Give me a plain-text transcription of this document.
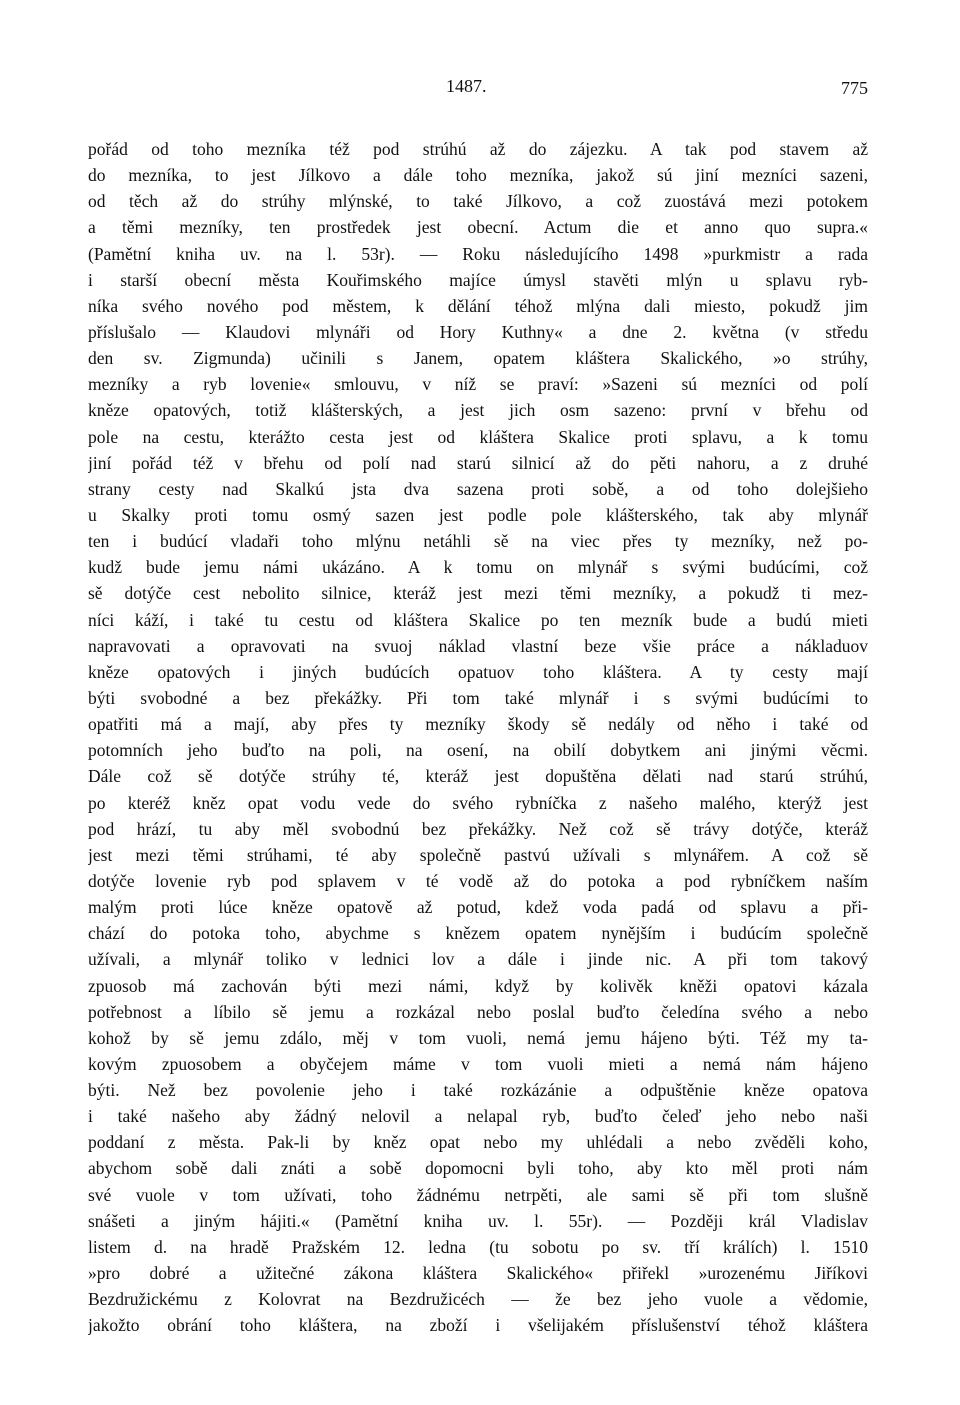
1487.	775
pořád od toho mezníka též pod strúhú až do zájezku. A tak pod stavem až
do mezníka, to jest Jílkovo a dále toho mezníka, jakož sú jiní mezníci sazeni,
od těch až do strúhy mlýnské, to také Jílkovo, a což zuostává mezi potokem
a těmi mezníky, ten prostředek jest obecní. Actum die et anno quo supra.«
(Pamětní kniha uv. na l. 53r). — Roku následujícího 1498 »purkmistr a rada
i starší obecní města Kouřimského majíce úmysl stavěti mlýn u splavu ryb-
níka svého nového pod městem, k dělání téhož mlýna dali miesto, pokudž jim
příslušalo — Klaudovi mlynáři od Hory Kuthny« a dne 2. května (v středu
den sv. Zigmunda) učinili s Janem, opatem kláštera Skalického, »o strúhy,
mezníky a ryb lovenie« smlouvu, v níž se praví: »Sazeni sú mezníci od polí
kněze opatových, totiž klášterských, a jest jich osm sazeno: první v břehu od
pole na cestu, kterážto cesta jest od kláštera Skalice proti splavu, a k tomu
jiní pořád též v břehu od polí nad starú silnicí až do pěti nahoru, a z druhé
strany cesty nad Skalkú jsta dva sazena proti sobě, a od toho dolejšieho
u Skalky proti tomu osmý sazen jest podle pole klášterského, tak aby mlynář
ten i budúcí vladaři toho mlýnu netáhli sě na viec přes ty mezníky, než po-
kudž bude jemu námi ukázáno. A k tomu on mlynář s svými budúcími, což
sě dotýče cest nebolito silnice, kteráž jest mezi těmi mezníky, a pokudž ti mez-
níci káží, i také tu cestu od kláštera Skalice po ten mezník bude a budú mieti
napravovati a opravovati na svuoj náklad vlastní beze všie práce a nákladuov
kněze opatových i jiných budúcích opatuov toho kláštera. A ty cesty mají
býti svobodné a bez překážky. Při tom také mlynář i s svými budúcími to
opatřiti má a mají, aby přes ty mezníky škody sě nedály od něho i také od
potomních jeho buďto na poli, na osení, na obilí dobytkem ani jinými věcmi.
Dále což sě dotýče strúhy té, kteráž jest dopuštěna dělati nad starú strúhú,
po kteréž kněz opat vodu vede do svého rybníčka z našeho malého, kterýž jest
pod hrází, tu aby měl svobodnú bez překážky. Než což sě trávy dotýče, kteráž
jest mezi těmi strúhami, té aby společně pastvú užívali s mlynářem. A což sě
dotýče lovenie ryb pod splavem v té vodě až do potoka a pod rybníčkem naším
malým proti lúce kněze opatově až potud, kdež voda padá od splavu a při-
chází do potoka toho, abychme s knězem opatem nynějším i budúcím společně
užívali, a mlynář toliko v lednici lov a dále i jinde nic. A při tom takový
zpuosob má zachován býti mezi námi, když by kolivěk kněži opatovi kázala
potřebnost a líbilo sě jemu a rozkázal nebo poslal buďto čeledína svého a nebo
kohož by sě jemu zdálo, měj v tom vuoli, nemá jemu hájeno býti. Též my ta-
kovým zpuosobem a obyčejem máme v tom vuoli mieti a nemá nám hájeno
býti. Než bez povolenie jeho i také rozkázánie a odpuštěnie kněze opatova
i také našeho aby žádný nelovil a nelapal ryb, buďto čeleď jeho nebo naši
poddaní z města. Pak-li by kněz opat nebo my uhlédali a nebo zvěděli koho,
abychom sobě dali znáti a sobě dopomocni byli toho, aby kto měl proti nám
své vuole v tom užívati, toho žádnému netrpěti, ale sami sě při tom slušně
snášeti a jiným hájiti.« (Pamětní kniha uv. l. 55r). — Později král Vladislav
listem d. na hradě Pražském 12. ledna (tu sobotu po sv. tří králích) l. 1510
»pro dobré a užitečné zákona kláštera Skalického« přiřekl »urozenému Jiříkovi
Bezdružickému z Kolovrat na Bezdružicéch — že bez jeho vuole a vědomie,
jakožto obrání toho kláštera, na zboží i všelijakém příslušenství téhož kláštera
